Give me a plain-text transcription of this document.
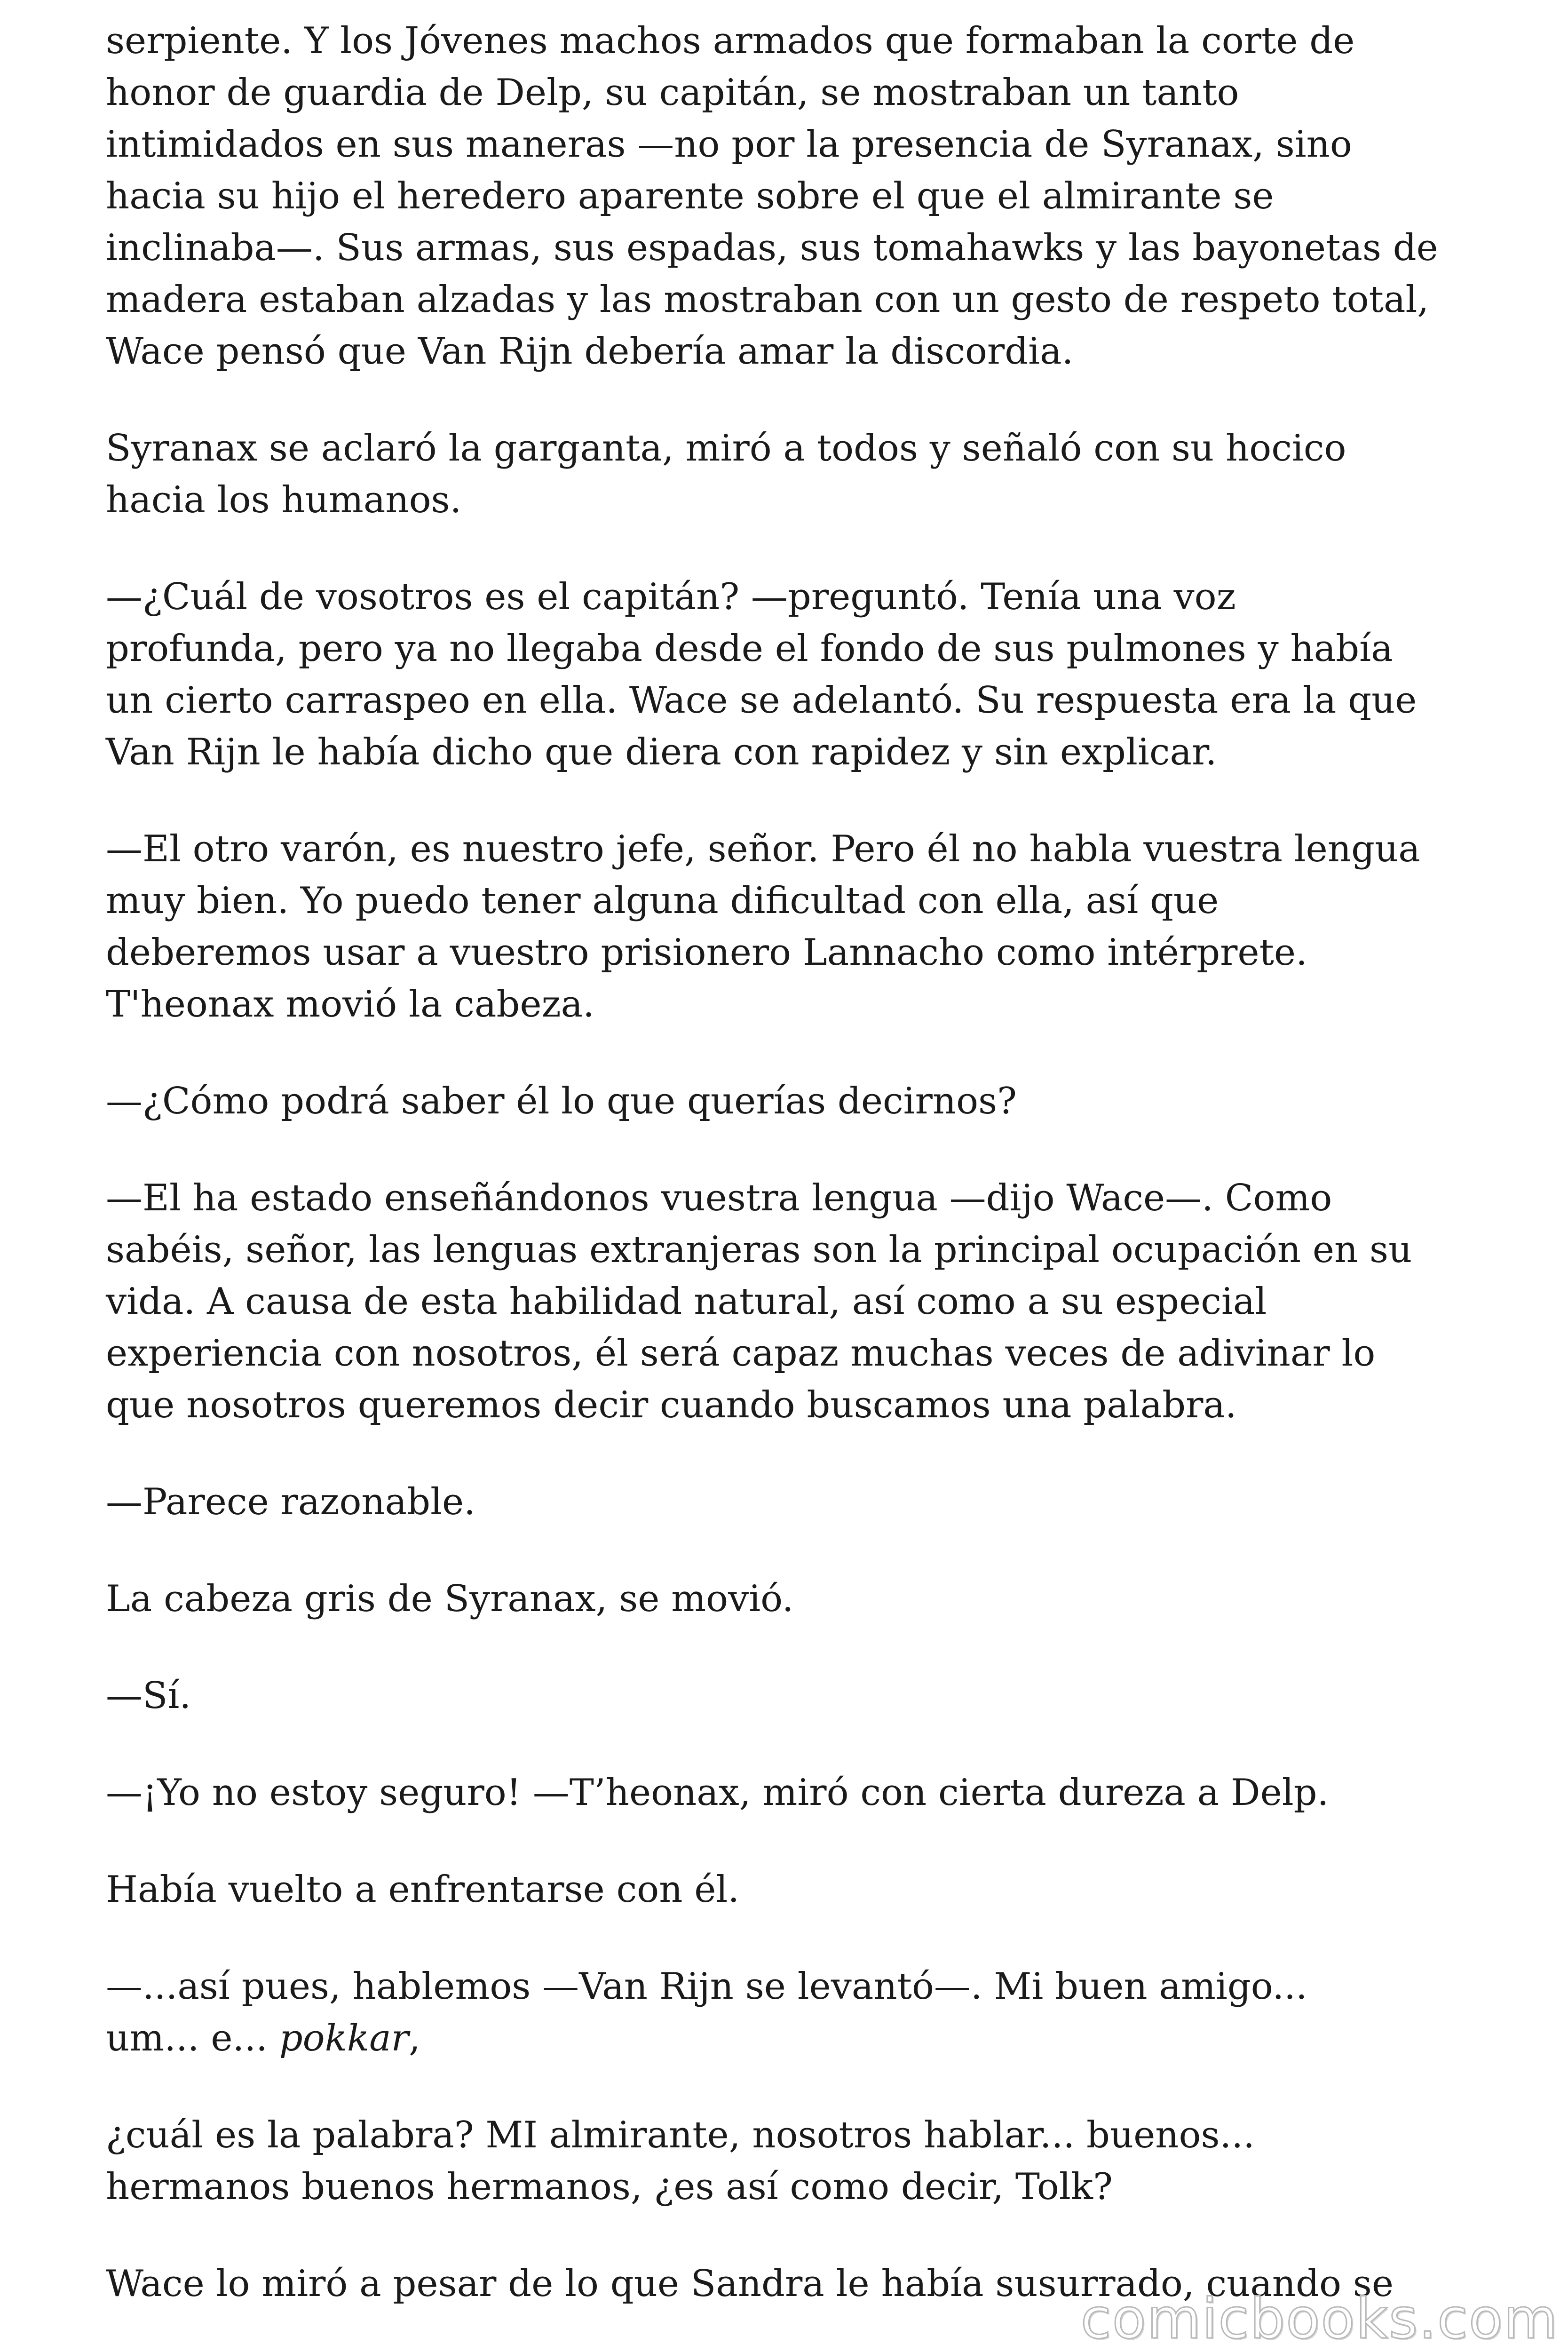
serpiente. Y los Jóvenes machos armados que formaban la corte de
honor de guardia de Delp, su capitán, se mostraban un tanto
intimidados en sus maneras —no por la presencia de Syranax, sino
hacia su hijo el heredero aparente sobre el que el almirante se
inclinaba—. Sus armas, sus espadas, sus tomahawks y las bayonetas de
madera estaban alzadas y las mostraban con un gesto de respeto total,
Wace pensó que Van Rijn debería amar la discordia.

Syranax se aclaró la garganta, miró a todos y señaló con su hocico
hacia los humanos.

—¿Cuál de vosotros es el capitán? —preguntó. Tenía una voz
profunda, pero ya no llegaba desde el fondo de sus pulmones y había
un cierto carraspeo en ella. Wace se adelantó. Su respuesta era la que
Van Rijn le había dicho que diera con rapidez y sin explicar.

—El otro varón, es nuestro jefe, señor. Pero él no habla vuestra lengua
muy bien. Yo puedo tener alguna dificultad con ella, así que
deberemos usar a vuestro prisionero Lannacho como intérprete.
T'heonax movió la cabeza.

—¿Cómo podrá saber él lo que querías decirnos?

—El ha estado enseñándonos vuestra lengua —dijo Wace—. Como
sabéis, señor, las lenguas extranjeras son la principal ocupación en su
vida. A causa de esta habilidad natural, así como a su especial
experiencia con nosotros, él será capaz muchas veces de adivinar lo
que nosotros queremos decir cuando buscamos una palabra.

—Parece razonable.

La cabeza gris de Syranax, se movió.

—Sí.

—¡Yo no estoy seguro! —T’heonax, miró con cierta dureza a Delp.

Había vuelto a enfrentarse con él.

—...así pues, hablemos —Van Rijn se levantó—. Mi buen amigo...
um... e... pokkar,

¿cuál es la palabra? MI almirante, nosotros hablar... buenos...
hermanos buenos hermanos, ¿es así como decir, Tolk?

Wace lo miró a pesar de lo que Sandra le había susurrado, cuando se

comicbooks.com
